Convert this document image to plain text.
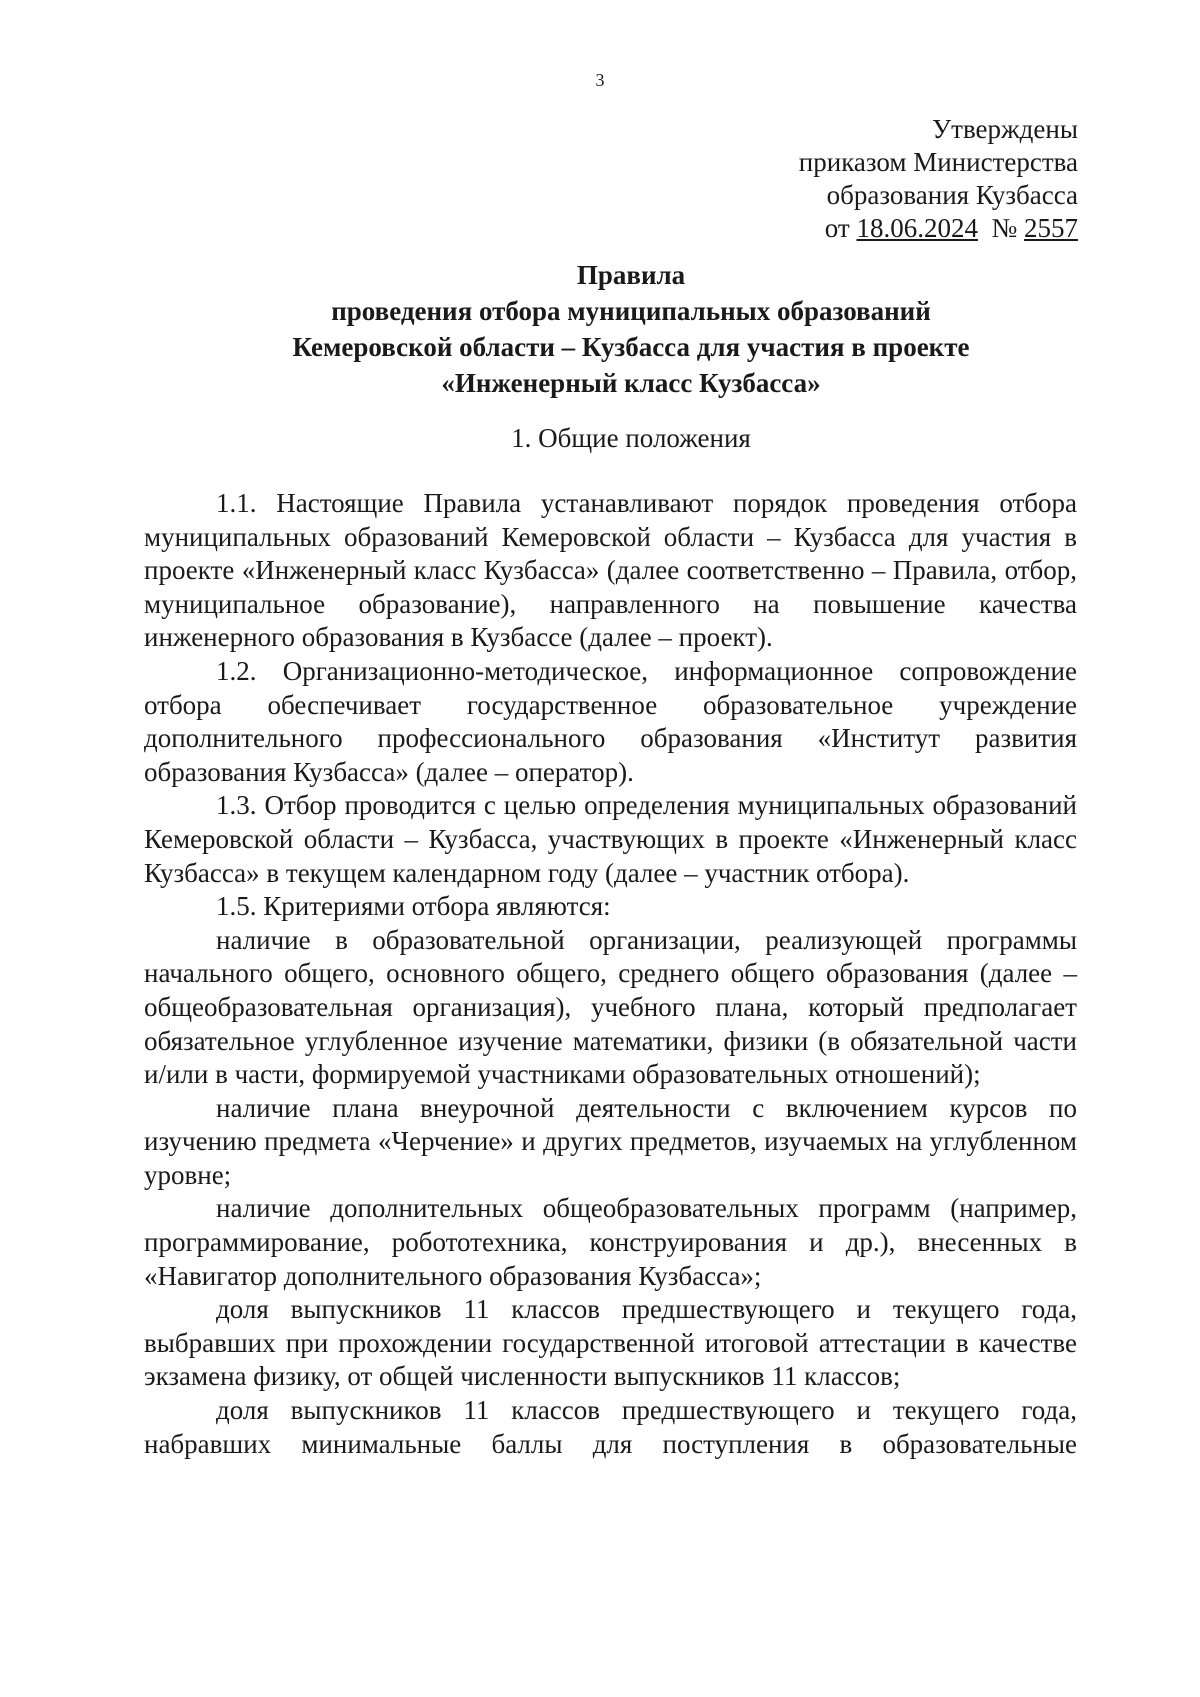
3
Утверждены
приказом Министерства
образования Кузбасса
от 18.06.2024 № 2557
Правила
проведения отбора муниципальных образований
Кемеровской области – Кузбасса для участия в проекте
«Инженерный класс Кузбасса»
1. Общие положения

1.1. Настоящие Правила устанавливают порядок проведения отбора муниципальных образований Кемеровской области – Кузбасса для участия в проекте «Инженерный класс Кузбасса» (далее соответственно – Правила, отбор, муниципальное образование), направленного на повышение качества инженерного образования в Кузбассе (далее – проект).

1.2. Организационно-методическое, информационное сопровождение отбора обеспечивает государственное образовательное учреждение дополнительного профессионального образования «Институт развития образования Кузбасса» (далее – оператор).

1.3. Отбор проводится с целью определения муниципальных образований Кемеровской области – Кузбасса, участвующих в проекте «Инженерный класс Кузбасса» в текущем календарном году (далее – участник отбора).

1.5. Критериями отбора являются:

наличие в образовательной организации, реализующей программы начального общего, основного общего, среднего общего образования (далее – общеобразовательная организация), учебного плана, который предполагает обязательное углубленное изучение математики, физики (в обязательной части и/или в части, формируемой участниками образовательных отношений);

наличие плана внеурочной деятельности с включением курсов по изучению предмета «Черчение» и других предметов, изучаемых на углубленном уровне;

наличие дополнительных общеобразовательных программ (например, программирование, робототехника, конструирования и др.), внесенных в «Навигатор дополнительного образования Кузбасса»;

доля выпускников 11 классов предшествующего и текущего года, выбравших при прохождении государственной итоговой аттестации в качестве экзамена физику, от общей численности выпускников 11 классов;

доля выпускников 11 классов предшествующего и текущего года, набравших минимальные баллы для поступления в образовательные
